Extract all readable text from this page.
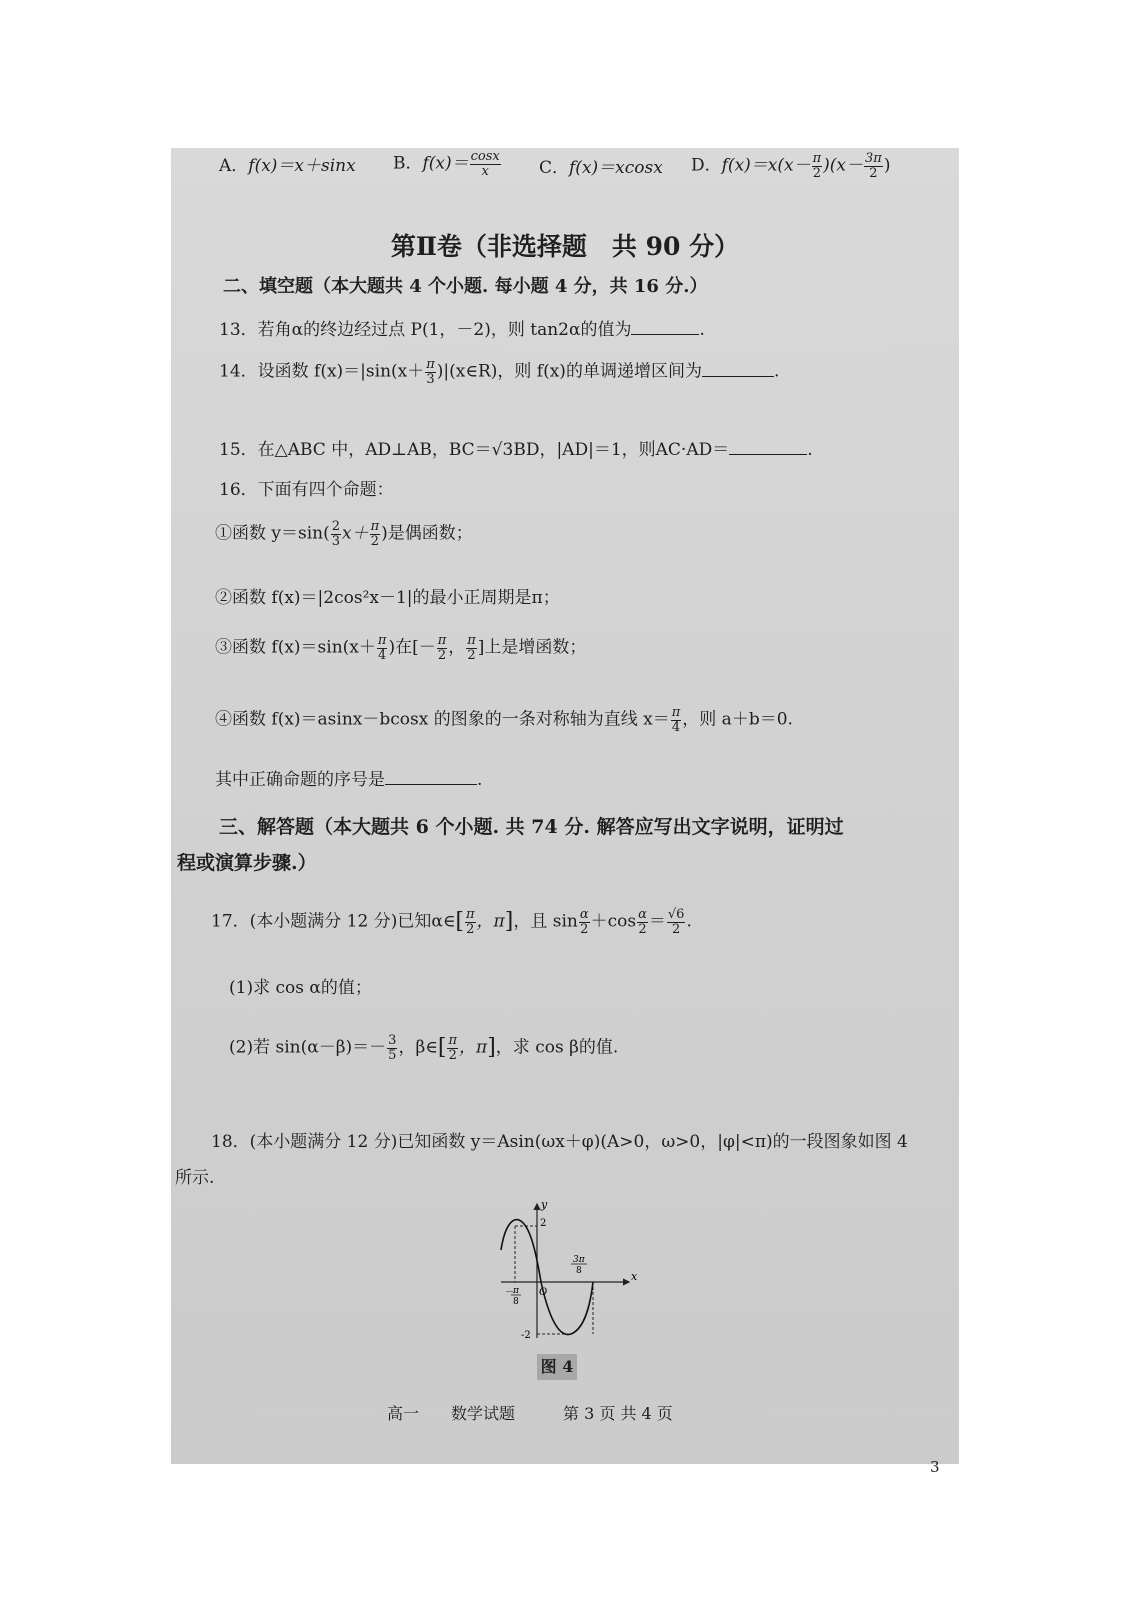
A．f(x)＝x＋sinx B．$f(x)= \frac{\cos x}{x}$ C．f(x)＝xcosx D．$f(x)=x(x- \frac{\pi}{2} )(x- \frac{3\pi}{2}$ )
第Ⅱ卷（非选择题　共 90 分）
二、填空题（本大题共 4 个小题. 每小题 4 分，共 16 分.）
13．若角α的终边经过点 P(1，－2)，则 tan2α的值为	.
14．设函数 $f(x)=|\sin(x+ \frac{\pi}{3}$ )|(x∈R)，则 f(x)的单调递增区间为	.
15．在△ABC 中，AD⊥AB，BC＝√3BD，|AD|＝1，则AC·AD＝	.
16．下面有四个命题：
①函数 $y=\sin( \frac{2}{3} x+ \frac{\pi}{2}$ )是偶函数；
②函数 f(x)＝|2cos²x－1|的最小正周期是π；
③函数 $f(x)=\sin(x+ \frac{\pi}{4}$ )在[－ $\frac{\pi}{2}$ ， $\frac{\pi}{2}$ ]上是增函数；
④函数 f(x)＝asinx－bcosx 的图象的一条对称轴为直线 $x= \frac{\pi}{4}$ ，则 a＋b＝0.
其中正确命题的序号是	.
三、解答题（本大题共 6 个小题. 共 74 分. 解答应写出文字说明，证明过
程或演算步骤.）
17．(本小题满分 12 分)已知α∈[ $\frac{\pi}{2}$ ，π]，且 $\sin \frac{\alpha}{2} +\cos \frac{\alpha}{2} = \frac{√6}{2}$ .
(1)求 cos α的值；
(2)若 $\sin(\alpha-\beta)=- \frac{3}{5}$ ，β∈[ $\frac{\pi}{2}$ ，π]，求 cos β的值.
18．(本小题满分 12 分)已知函数 y＝Asin(ωx＋φ)(A>0，ω>0，|φ|<π)的一段图象如图 4
所示.
y
x
O
2
-2
－
π
8
3π
8
图 4
高一　　数学试题　　　第 3 页 共 4 页
3
